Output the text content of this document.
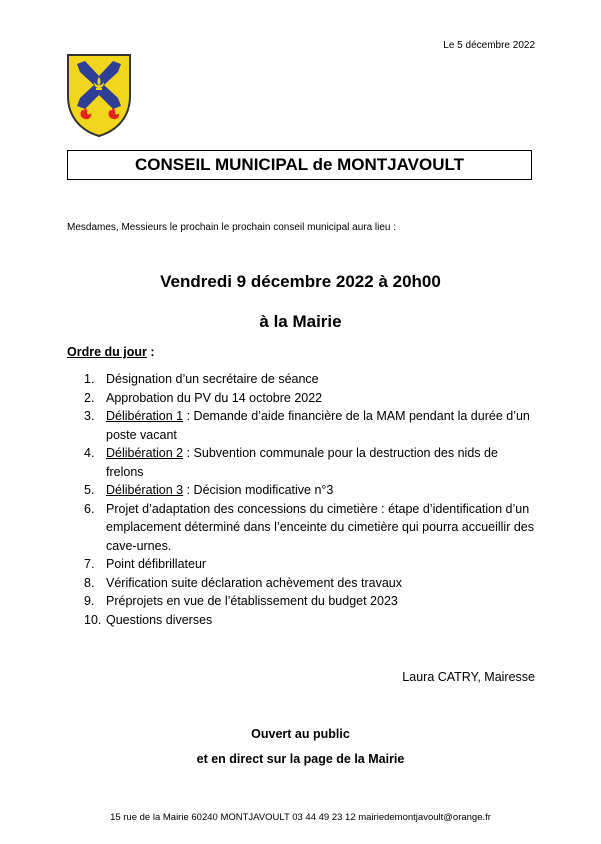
Le 5 décembre 2022
CONSEIL MUNICIPAL de MONTJAVOULT
Mesdames, Messieurs le prochain le prochain conseil municipal aura lieu :
Vendredi 9 décembre 2022 à 20h00
à la Mairie
Ordre du jour :
1. Désignation d’un secrétaire de séance
2. Approbation du PV du 14 octobre 2022
3. Délibération 1 : Demande d’aide financière de la MAM pendant la durée d’un poste vacant
4. Délibération 2 : Subvention communale pour la destruction des nids de frelons
5. Délibération 3 : Décision modificative n°3
6. Projet d’adaptation des concessions du cimetière : étape d’identification d’un emplacement déterminé dans l’enceinte du cimetière qui pourra accueillir des cave-urnes.
7. Point défibrillateur
8. Vérification suite déclaration achèvement des travaux
9. Préprojets en vue de l’établissement du budget 2023
10. Questions diverses
Laura CATRY, Mairesse
Ouvert au public
et en direct sur la page de la Mairie
15 rue de la Mairie 60240 MONTJAVOULT 03 44 49 23 12 mairiedemontjavoult@orange.fr
